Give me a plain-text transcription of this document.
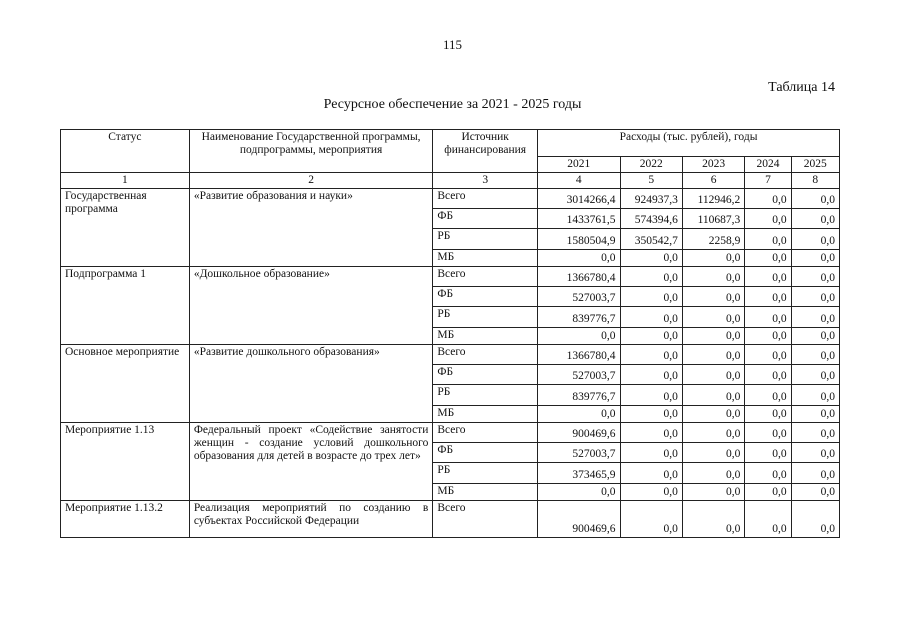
115
Таблица 14
Ресурсное обеспечение за 2021 - 2025 годы
Статус	Наименование Государственной программы, подпрограммы, мероприятия	Источник финансирования	Расходы (тыс. рублей), годы				
			2021	2022	2023	2024	2025
1	2	3	4	5	6	7	8
Государственная программа	«Развитие образования и науки»	Всего	3014266,4	924937,3	112946,2	0,0	0,0
		ФБ	1433761,5	574394,6	110687,3	0,0	0,0
		РБ	1580504,9	350542,7	2258,9	0,0	0,0
		МБ	0,0	0,0	0,0	0,0	0,0
Подпрограмма 1	«Дошкольное образование»	Всего	1366780,4	0,0	0,0	0,0	0,0
		ФБ	527003,7	0,0	0,0	0,0	0,0
		РБ	839776,7	0,0	0,0	0,0	0,0
		МБ	0,0	0,0	0,0	0,0	0,0
Основное мероприятие	«Развитие дошкольного образования»	Всего	1366780,4	0,0	0,0	0,0	0,0
		ФБ	527003,7	0,0	0,0	0,0	0,0
		РБ	839776,7	0,0	0,0	0,0	0,0
		МБ	0,0	0,0	0,0	0,0	0,0
Мероприятие 1.13	Федеральный проект «Содействие занятости женщин - создание условий дошкольного образования для детей в возрасте до трех лет»	Всего	900469,6	0,0	0,0	0,0	0,0
		ФБ	527003,7	0,0	0,0	0,0	0,0
		РБ	373465,9	0,0	0,0	0,0	0,0
		МБ	0,0	0,0	0,0	0,0	0,0
Мероприятие 1.13.2	Реализация мероприятий по созданию в субъектах Российской Федерации	Всего	900469,6	0,0	0,0	0,0	0,0
